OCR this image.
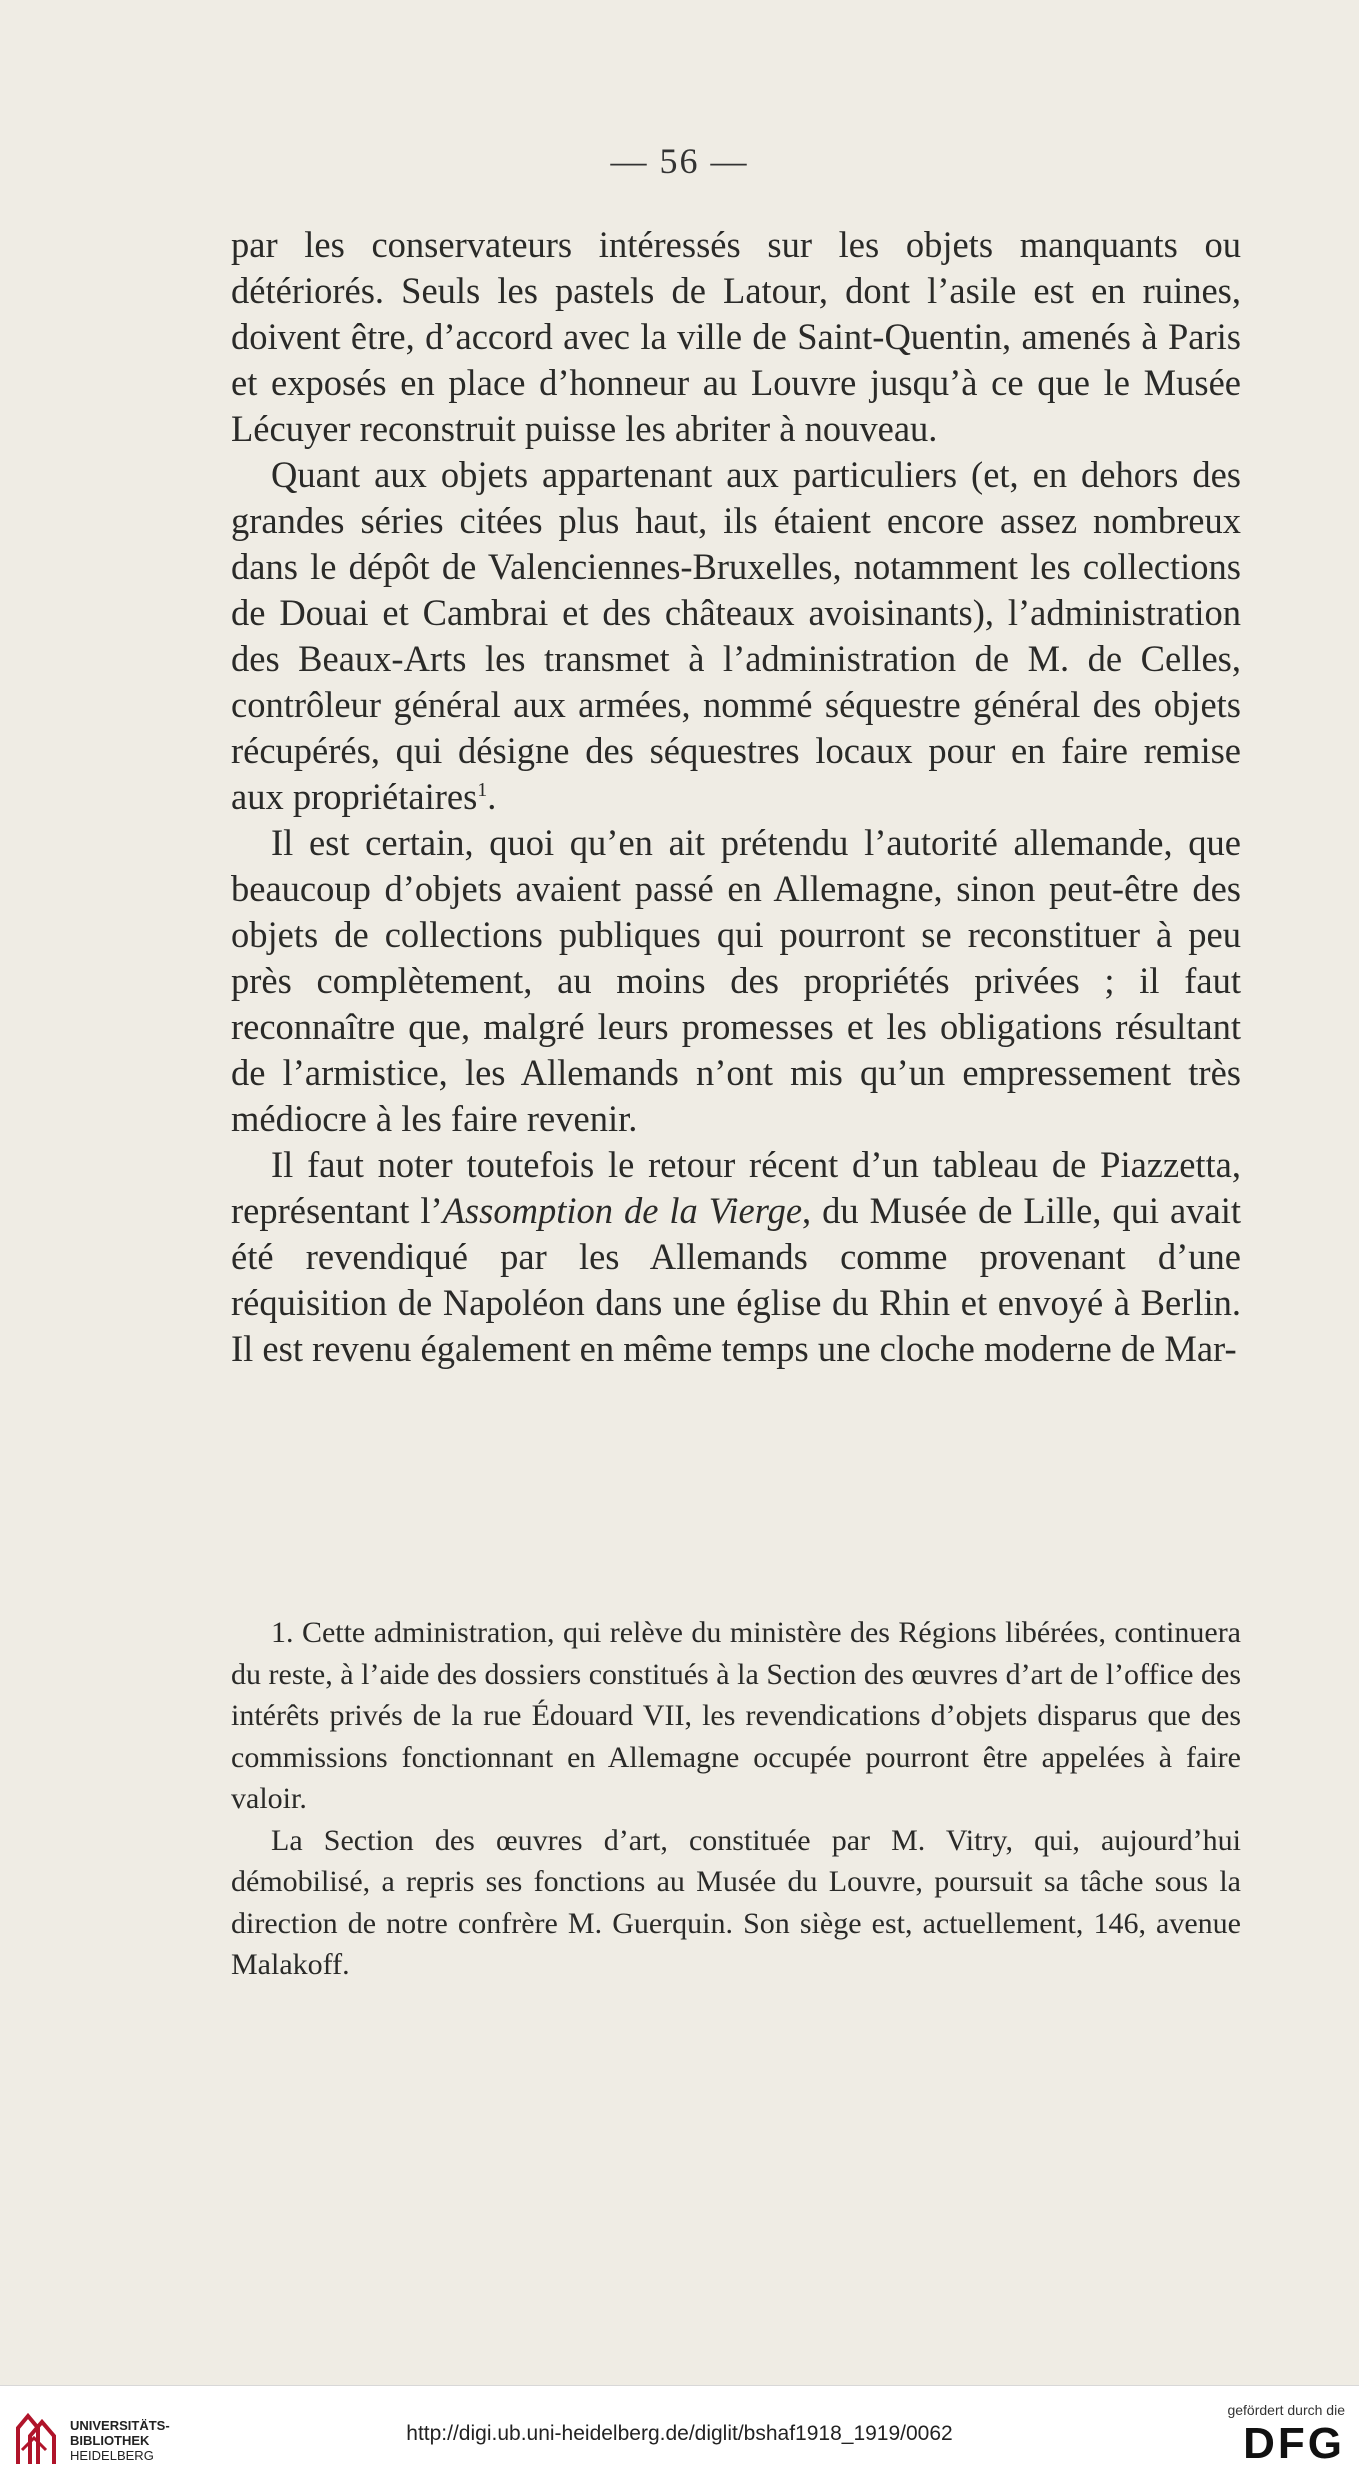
— 56 —

par les conservateurs intéressés sur les objets manquants ou détériorés. Seuls les pastels de Latour, dont l’asile est en ruines, doivent être, d’accord avec la ville de Saint-Quentin, amenés à Paris et exposés en place d’honneur au Louvre jusqu’à ce que le Musée Lécuyer reconstruit puisse les abriter à nouveau.

Quant aux objets appartenant aux particuliers (et, en dehors des grandes séries citées plus haut, ils étaient encore assez nombreux dans le dépôt de Valenciennes-Bruxelles, notamment les collections de Douai et Cambrai et des châteaux avoisinants), l’administration des Beaux-Arts les transmet à l’administration de M. de Celles, contrôleur général aux armées, nommé séquestre général des objets récupérés, qui désigne des séquestres locaux pour en faire remise aux propriétaires$^1$.

Il est certain, quoi qu’en ait prétendu l’autorité allemande, que beaucoup d’objets avaient passé en Allemagne, sinon peut-être des objets de collections publiques qui pourront se reconstituer à peu près complètement, au moins des propriétés privées ; il faut reconnaître que, malgré leurs promesses et les obligations résultant de l’armistice, les Allemands n’ont mis qu’un empressement très médiocre à les faire revenir.

Il faut noter toutefois le retour récent d’un tableau de Piazzetta, représentant l’Assomption de la Vierge, du Musée de Lille, qui avait été revendiqué par les Allemands comme provenant d’une réquisition de Napoléon dans une église du Rhin et envoyé à Berlin. Il est revenu également en même temps une cloche moderne de Mar-

1. Cette administration, qui relève du ministère des Régions libérées, continuera du reste, à l’aide des dossiers constitués à la Section des œuvres d’art de l’office des intérêts privés de la rue Édouard VII, les revendications d’objets disparus que des commissions fonctionnant en Allemagne occupée pourront être appelées à faire valoir.

La Section des œuvres d’art, constituée par M. Vitry, qui, aujourd’hui démobilisé, a repris ses fonctions au Musée du Louvre, poursuit sa tâche sous la direction de notre confrère M. Guerquin. Son siège est, actuellement, 146, avenue Malakoff.

UNIVERSITÄTS-
BIBLIOTHEK
HEIDELBERG
http://digi.ub.uni-heidelberg.de/diglit/bshaf1918_1919/0062
gefördert durch die
DFG
